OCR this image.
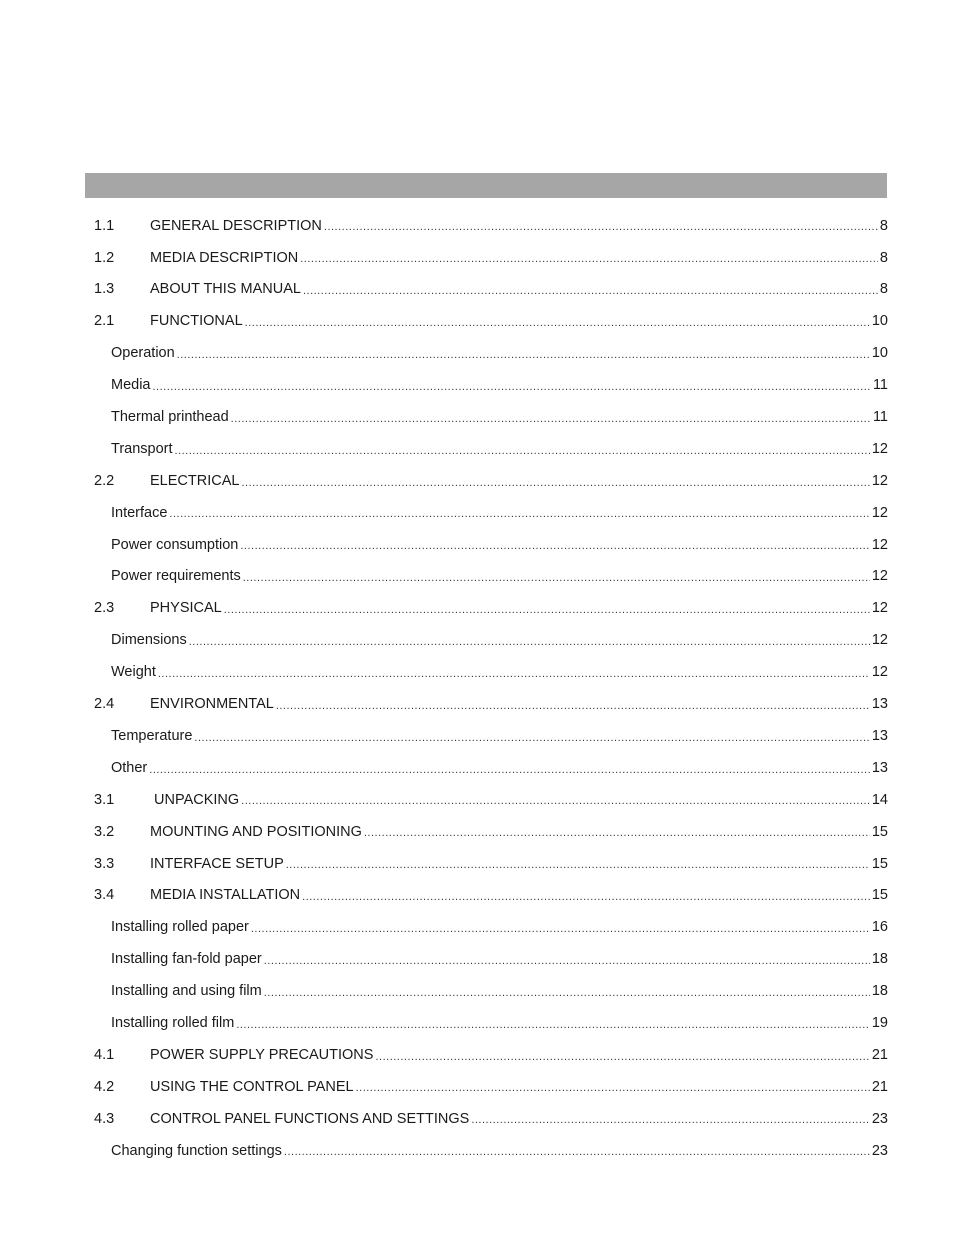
1.1	GENERAL DESCRIPTION .....	8
1.2	MEDIA DESCRIPTION .....	8
1.3	ABOUT THIS MANUAL .....	8
2.1	FUNCTIONAL .....	10
Operation .....	10
Media .....	11
Thermal printhead .....	11
Transport .....	12
2.2	ELECTRICAL .....	12
Interface .....	12
Power consumption .....	12
Power requirements .....	12
2.3	PHYSICAL .....	12
Dimensions .....	12
Weight .....	12
2.4	ENVIRONMENTAL .....	13
Temperature .....	13
Other .....	13
3.1	UNPACKING .....	14
3.2	MOUNTING AND POSITIONING .....	15
3.3	INTERFACE SETUP .....	15
3.4	MEDIA INSTALLATION .....	15
Installing rolled paper .....	16
Installing fan-fold paper .....	18
Installing and using film .....	18
Installing rolled film .....	19
4.1	POWER SUPPLY PRECAUTIONS .....	21
4.2	USING THE CONTROL PANEL .....	21
4.3	CONTROL PANEL FUNCTIONS AND SETTINGS .....	23
Changing function settings .....	23
